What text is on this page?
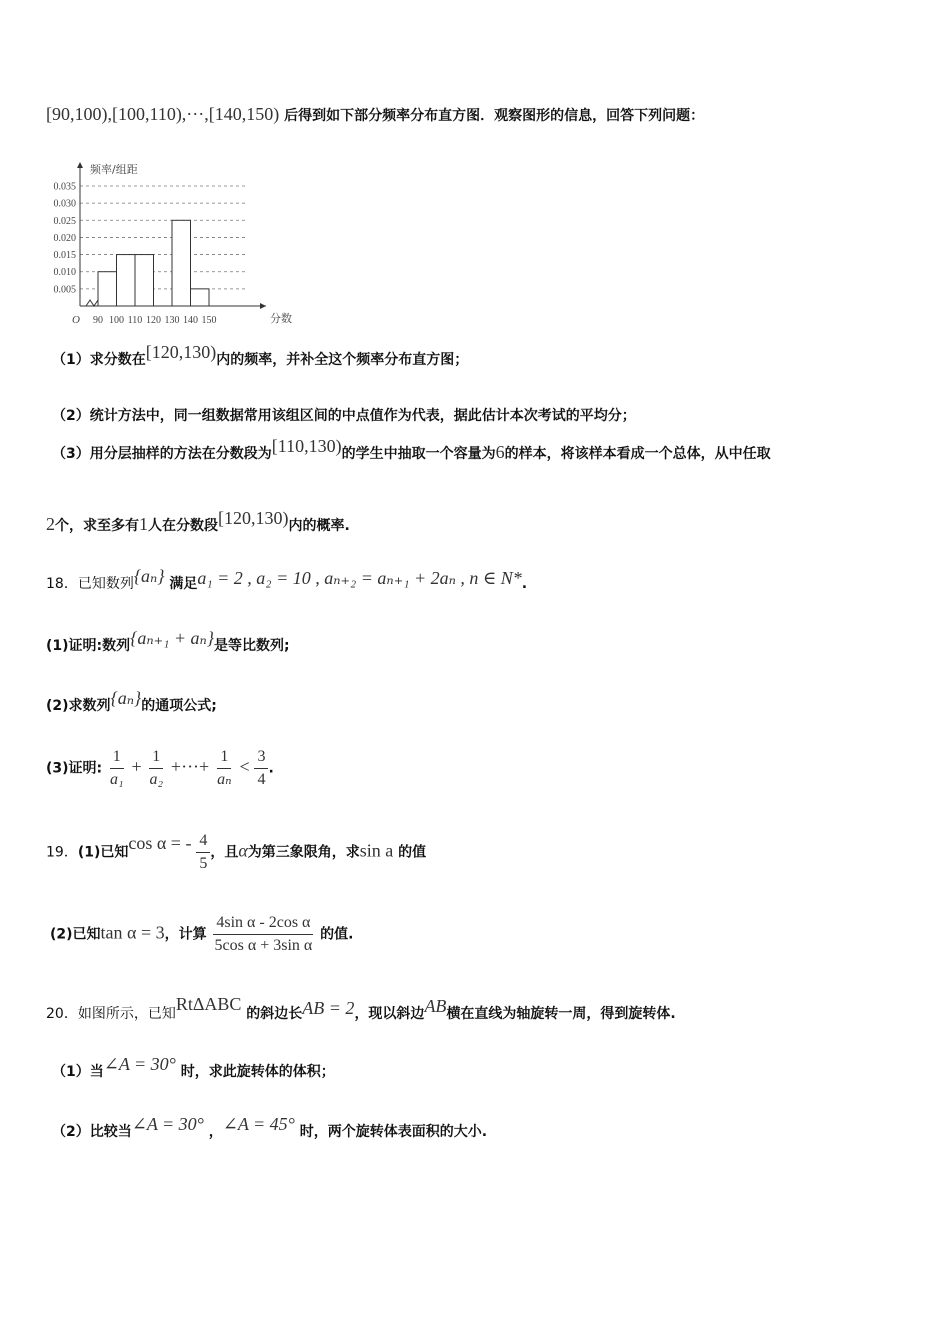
[90,100),[100,110),···,[140,150) 后得到如下部分频率分布直方图．观察图形的信息，回答下列问题：
0.005
0.010
0.015
0.020
0.025
0.030
0.035
90 100 110 120 130 140 150
频率/组距
分数
O
（1）求分数在[120,130)内的频率，并补全这个频率分布直方图；
（2）统计方法中，同一组数据常用该组区间的中点值作为代表，据此估计本次考试的平均分；
（3）用分层抽样的方法在分数段为[110,130)的学生中抽取一个容量为6的样本，将该样本看成一个总体，从中任取
2个，求至多有1人在分数段[120,130)内的概率.
18．已知数列{aₙ} 满足a₁ = 2 , a₂ = 10 , aₙ₊₂ = aₙ₊₁ + 2aₙ , n ∈ N*.
(1)证明:数列{aₙ₊₁ + aₙ}是等比数列;
(2)求数列{aₙ}的通项公式;
(3)证明: $\frac{1}{\text{a₁}} + \frac{1}{\text{a₂}}$ +···+ $\frac{1}{\text{aₙ}} < \frac{3}{4}$ .
19．(1)已知cos α = - $\frac{4}{5}$ ，且α为第三象限角，求sin a 的值
(2)已知tan α = 3，计算 $\frac{\text{4sin α - 2cos α}}{\text{5cos α + 3sin α}}$ 的值.
20．如图所示，已知RtΔABC 的斜边长AB = 2，现以斜边AB横在直线为轴旋转一周，得到旋转体.
（1）当∠A = 30° 时，求此旋转体的体积；
（2）比较当∠A = 30° ，∠A = 45° 时，两个旋转体表面积的大小.
